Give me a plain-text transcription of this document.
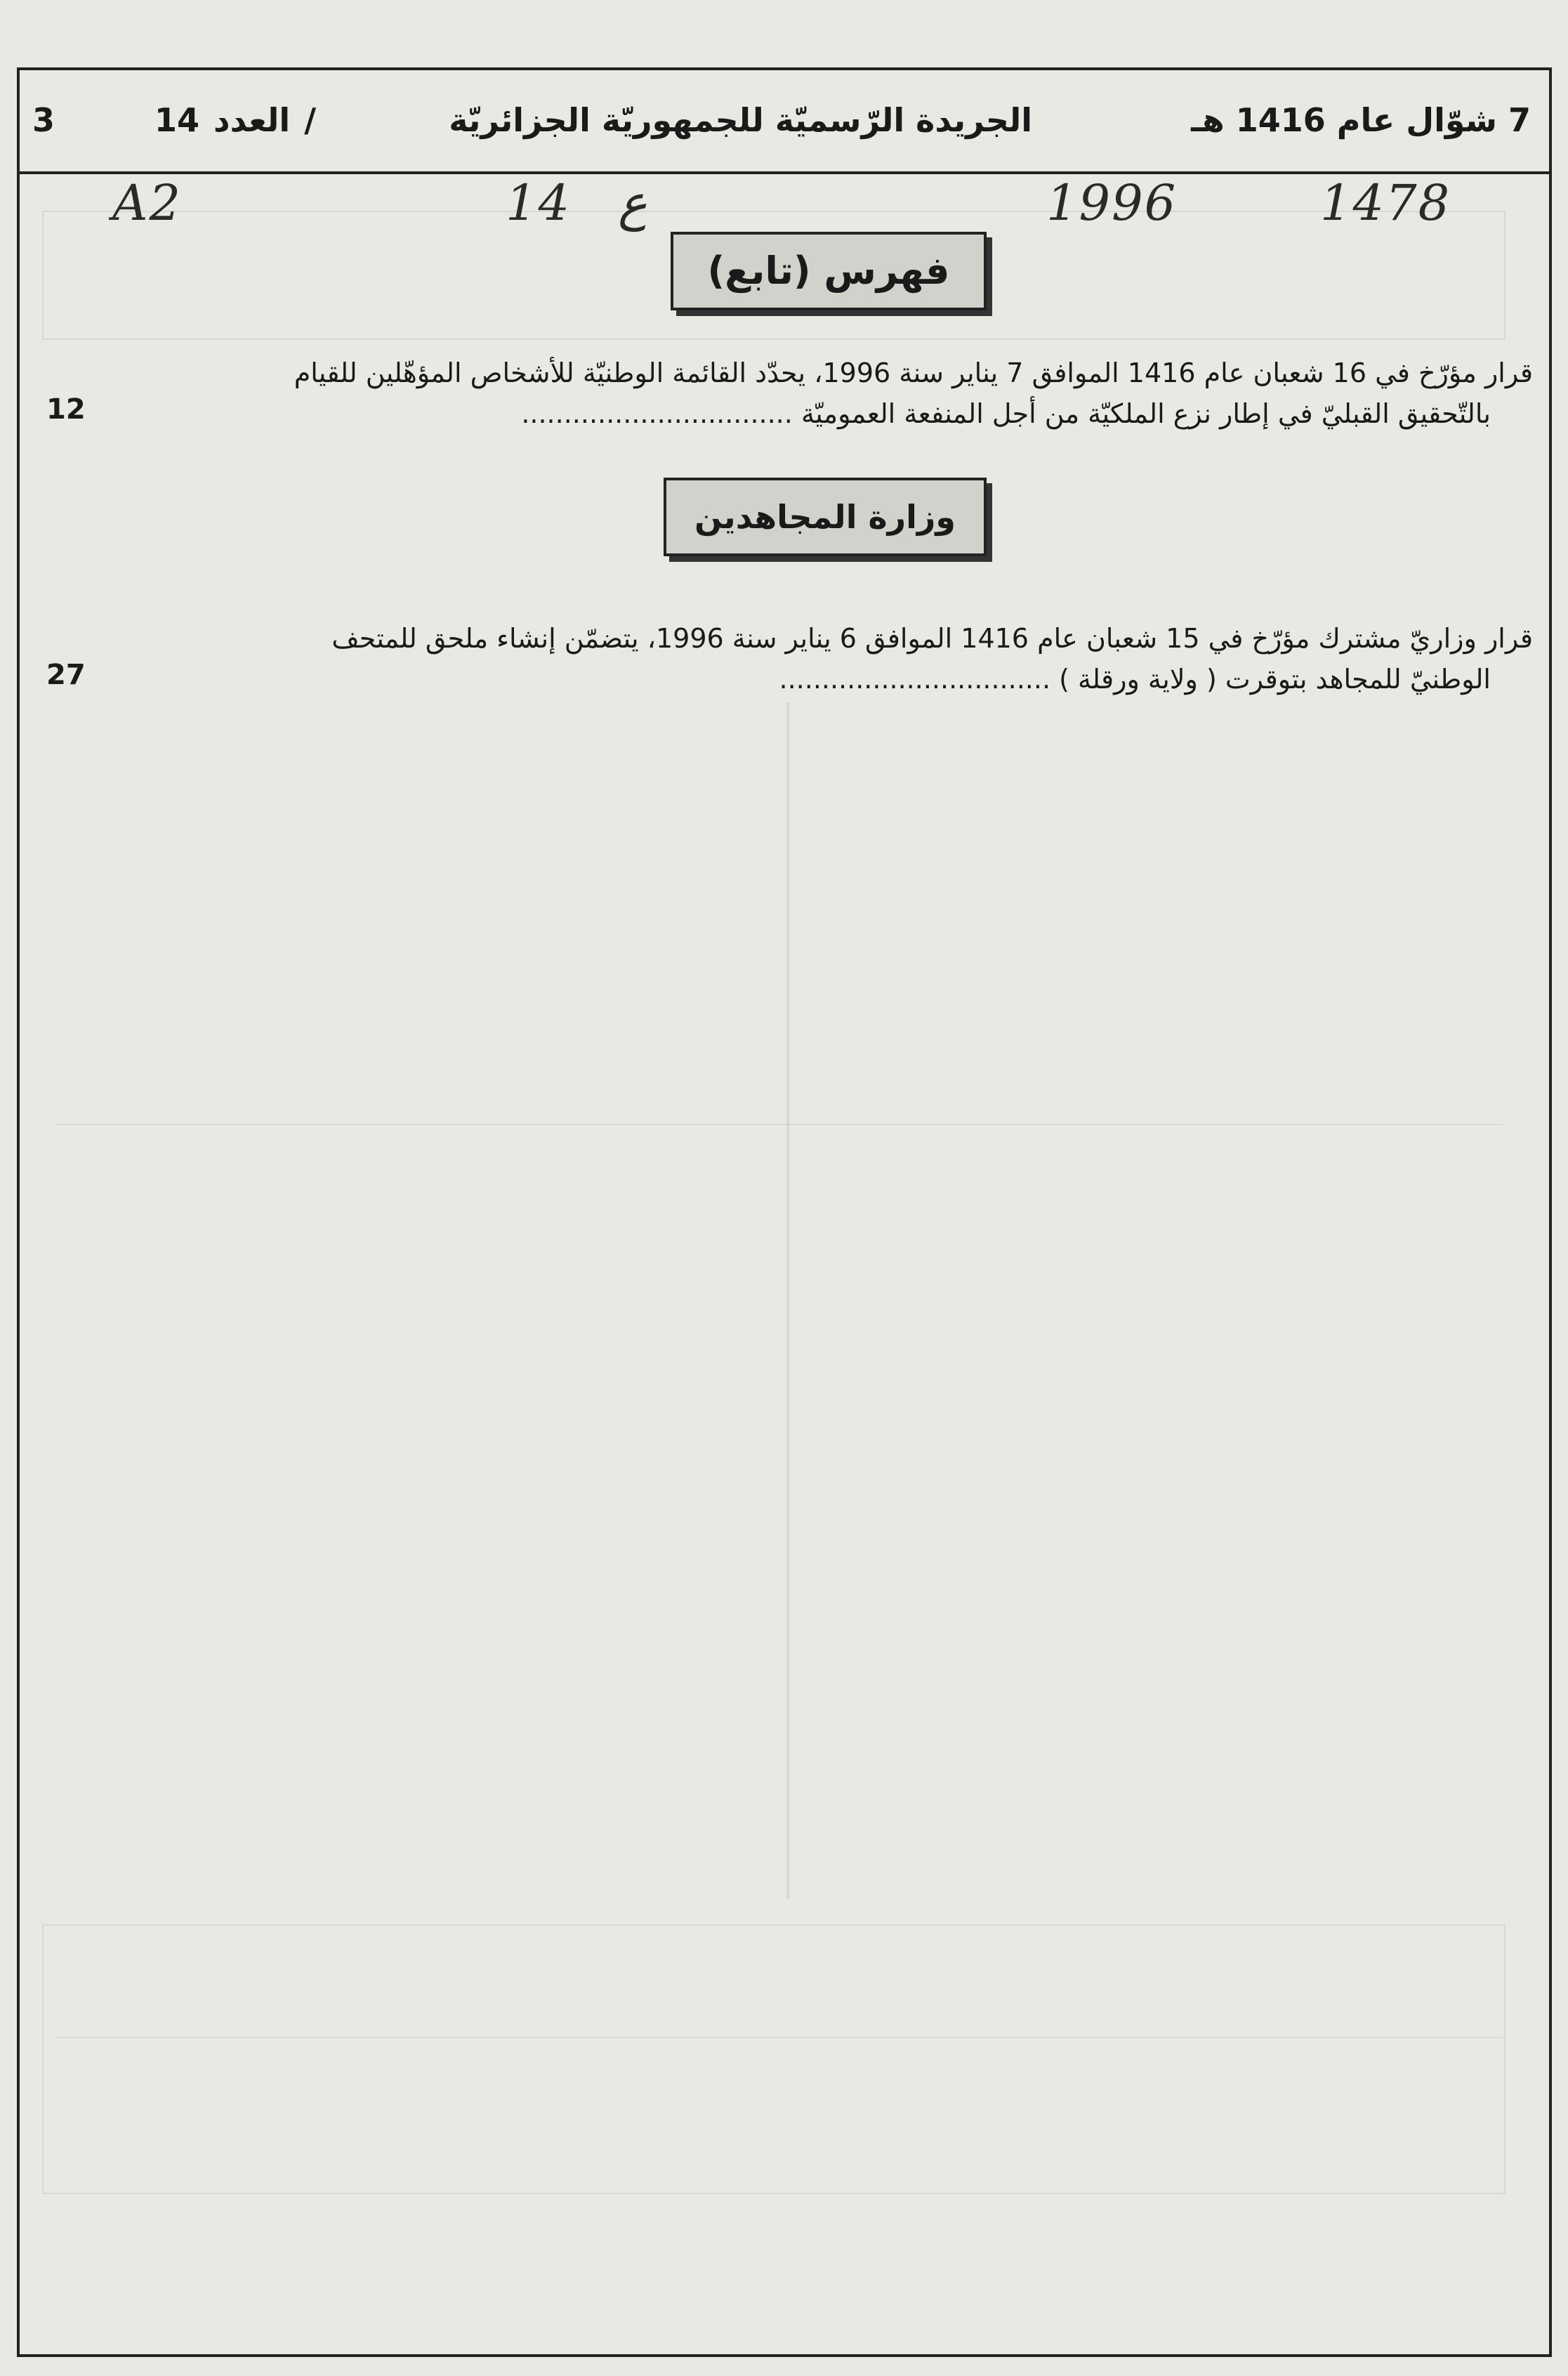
7 شوّال عام 1416 هـ
الجريدة الرّسميّة للجمهوريّة الجزائريّة
/العدد14
3
A2	14 ع	1996	1478
فهرس (تابع)

قرار مؤرّخ في 16 شعبان عام 1416 الموافق 7 يناير سنة 1996، يحدّد القائمة الوطنيّة للأشخاص المؤهّلين للقيام

بالتّحقيق القبليّ في إطار نزع الملكيّة من أجل المنفعة العموميّة ................................

12
وزارة المجاهدين

قرار وزاريّ مشترك مؤرّخ في 15 شعبان عام 1416 الموافق 6 يناير سنة 1996، يتضمّن إنشاء ملحق للمتحف

الوطنيّ للمجاهد بتوقرت ( ولاية ورقلة ) ................................

27
